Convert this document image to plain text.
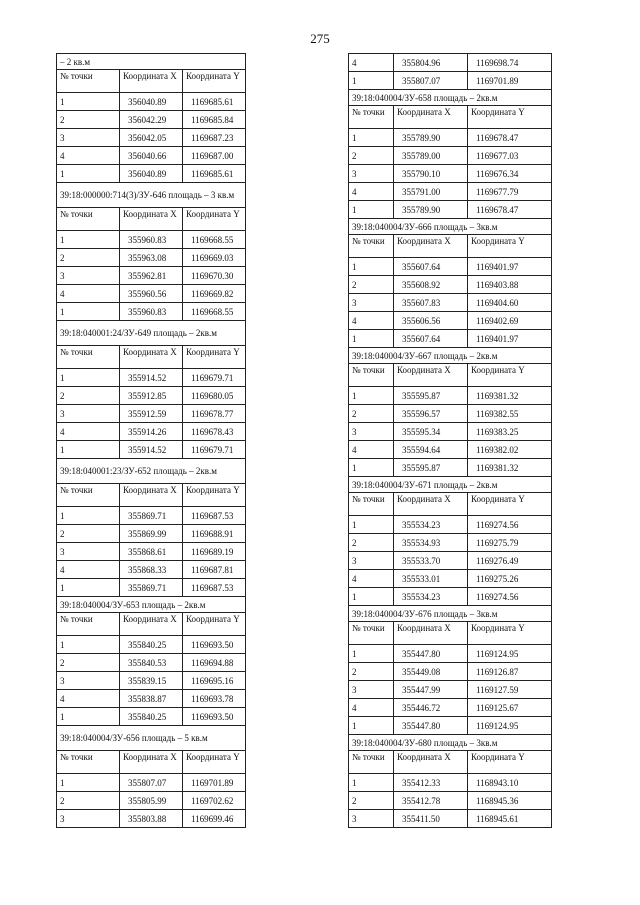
275
– 2 кв.м		
№ точки	Координата X	Координата Y
1	356040.89	1169685.61
2	356042.29	1169685.84
3	356042.05	1169687.23
4	356040.66	1169687.00
1	356040.89	1169685.61
39:18:000000:714(3)/ЗУ-646 площадь – 3 кв.м		
№ точки	Координата X	Координата Y
1	355960.83	1169668.55
2	355963.08	1169669.03
3	355962.81	1169670.30
4	355960.56	1169669.82
1	355960.83	1169668.55
39:18:040001:24/ЗУ-649 площадь – 2кв.м		
№ точки	Координата X	Координата Y
1	355914.52	1169679.71
2	355912.85	1169680.05
3	355912.59	1169678.77
4	355914.26	1169678.43
1	355914.52	1169679.71
39:18:040001:23/ЗУ-652 площадь – 2кв.м		
№ точки	Координата X	Координата Y
1	355869.71	1169687.53
2	355869.99	1169688.91
3	355868.61	1169689.19
4	355868.33	1169687.81
1	355869.71	1169687.53
39:18:040004/ЗУ-653 площадь – 2кв.м		
№ точки	Координата X	Координата Y
1	355840.25	1169693.50
2	355840.53	1169694.88
3	355839.15	1169695.16
4	355838.87	1169693.78
1	355840.25	1169693.50
39:18:040004/ЗУ-656 площадь – 5 кв.м		
№ точки	Координата X	Координата Y
1	355807.07	1169701.89
2	355805.99	1169702.62
3	355803.88	1169699.46
4	355804.96	1169698.74
1	355807.07	1169701.89
39:18:040004/ЗУ-658 площадь – 2кв.м		
№ точки	Координата X	Координата Y
1	355789.90	1169678.47
2	355789.00	1169677.03
3	355790.10	1169676.34
4	355791.00	1169677.79
1	355789.90	1169678.47
39:18:040004/ЗУ-666 площадь – 3кв.м		
№ точки	Координата X	Координата Y
1	355607.64	1169401.97
2	355608.92	1169403.88
3	355607.83	1169404.60
4	355606.56	1169402.69
1	355607.64	1169401.97
39:18:040004/ЗУ-667 площадь – 2кв.м		
№ точки	Координата X	Координата Y
1	355595.87	1169381.32
2	355596.57	1169382.55
3	355595.34	1169383.25
4	355594.64	1169382.02
1	355595.87	1169381.32
39:18:040004/ЗУ-671 площадь – 2кв.м		
№ точки	Координата X	Координата Y
1	355534.23	1169274.56
2	355534.93	1169275.79
3	355533.70	1169276.49
4	355533.01	1169275.26
1	355534.23	1169274.56
39:18:040004/ЗУ-676 площадь – 3кв.м		
№ точки	Координата X	Координата Y
1	355447.80	1169124.95
2	355449.08	1169126.87
3	355447.99	1169127.59
4	355446.72	1169125.67
1	355447.80	1169124.95
39:18:040004/ЗУ-680 площадь – 3кв.м		
№ точки	Координата X	Координата Y
1	355412.33	1168943.10
2	355412.78	1168945.36
3	355411.50	1168945.61
